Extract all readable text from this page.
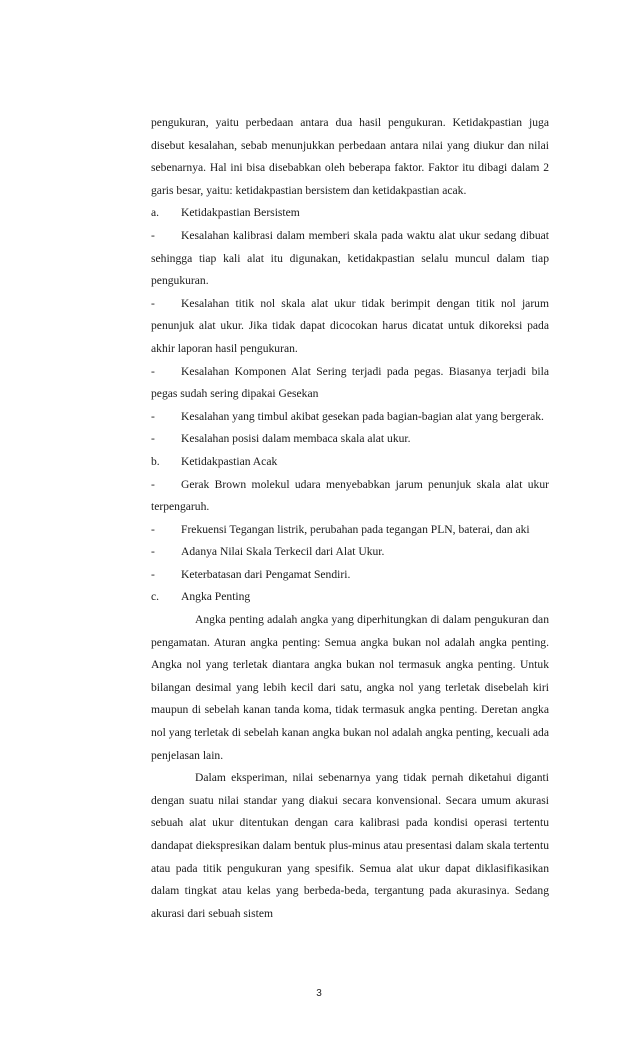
pengukuran, yaitu perbedaan antara dua hasil pengukuran. Ketidakpastian juga disebut kesalahan, sebab menunjukkan perbedaan antara nilai yang diukur dan nilai sebenarnya. Hal ini bisa disebabkan oleh beberapa faktor. Faktor itu dibagi dalam 2 garis besar, yaitu: ketidakpastian bersistem dan ketidakpastian acak.

a. Ketidakpastian Bersistem

- Kesalahan kalibrasi dalam memberi skala pada waktu alat ukur sedang dibuat sehingga tiap kali alat itu digunakan, ketidakpastian selalu muncul dalam tiap pengukuran.

- Kesalahan titik nol skala alat ukur tidak berimpit dengan titik nol jarum penunjuk alat ukur. Jika tidak dapat dicocokan harus dicatat untuk dikoreksi pada akhir laporan hasil pengukuran.

- Kesalahan Komponen Alat Sering terjadi pada pegas. Biasanya terjadi bila pegas sudah sering dipakai Gesekan

- Kesalahan yang timbul akibat gesekan pada bagian-bagian alat yang bergerak.

- Kesalahan posisi dalam membaca skala alat ukur.

b. Ketidakpastian Acak

- Gerak Brown molekul udara menyebabkan jarum penunjuk skala alat ukur terpengaruh.

- Frekuensi Tegangan listrik, perubahan pada tegangan PLN, baterai, dan aki

- Adanya Nilai Skala Terkecil dari Alat Ukur.

- Keterbatasan dari Pengamat Sendiri.

c. Angka Penting

Angka penting adalah angka yang diperhitungkan di dalam pengukuran dan pengamatan. Aturan angka penting: Semua angka bukan nol adalah angka penting. Angka nol yang terletak diantara angka bukan nol termasuk angka penting. Untuk bilangan desimal yang lebih kecil dari satu, angka nol yang terletak disebelah kiri maupun di sebelah kanan tanda koma, tidak termasuk angka penting. Deretan angka nol yang terletak di sebelah kanan angka bukan nol adalah angka penting, kecuali ada penjelasan lain.

Dalam eksperiman, nilai sebenarnya yang tidak pernah diketahui diganti dengan suatu nilai standar yang diakui secara konvensional. Secara umum akurasi sebuah alat ukur ditentukan dengan cara kalibrasi pada kondisi operasi tertentu dandapat diekspresikan dalam bentuk plus-minus atau presentasi dalam skala tertentu atau pada titik pengukuran yang spesifik. Semua alat ukur dapat diklasifikasikan dalam tingkat atau kelas yang berbeda-beda, tergantung pada akurasinya. Sedang akurasi dari sebuah sistem

3
